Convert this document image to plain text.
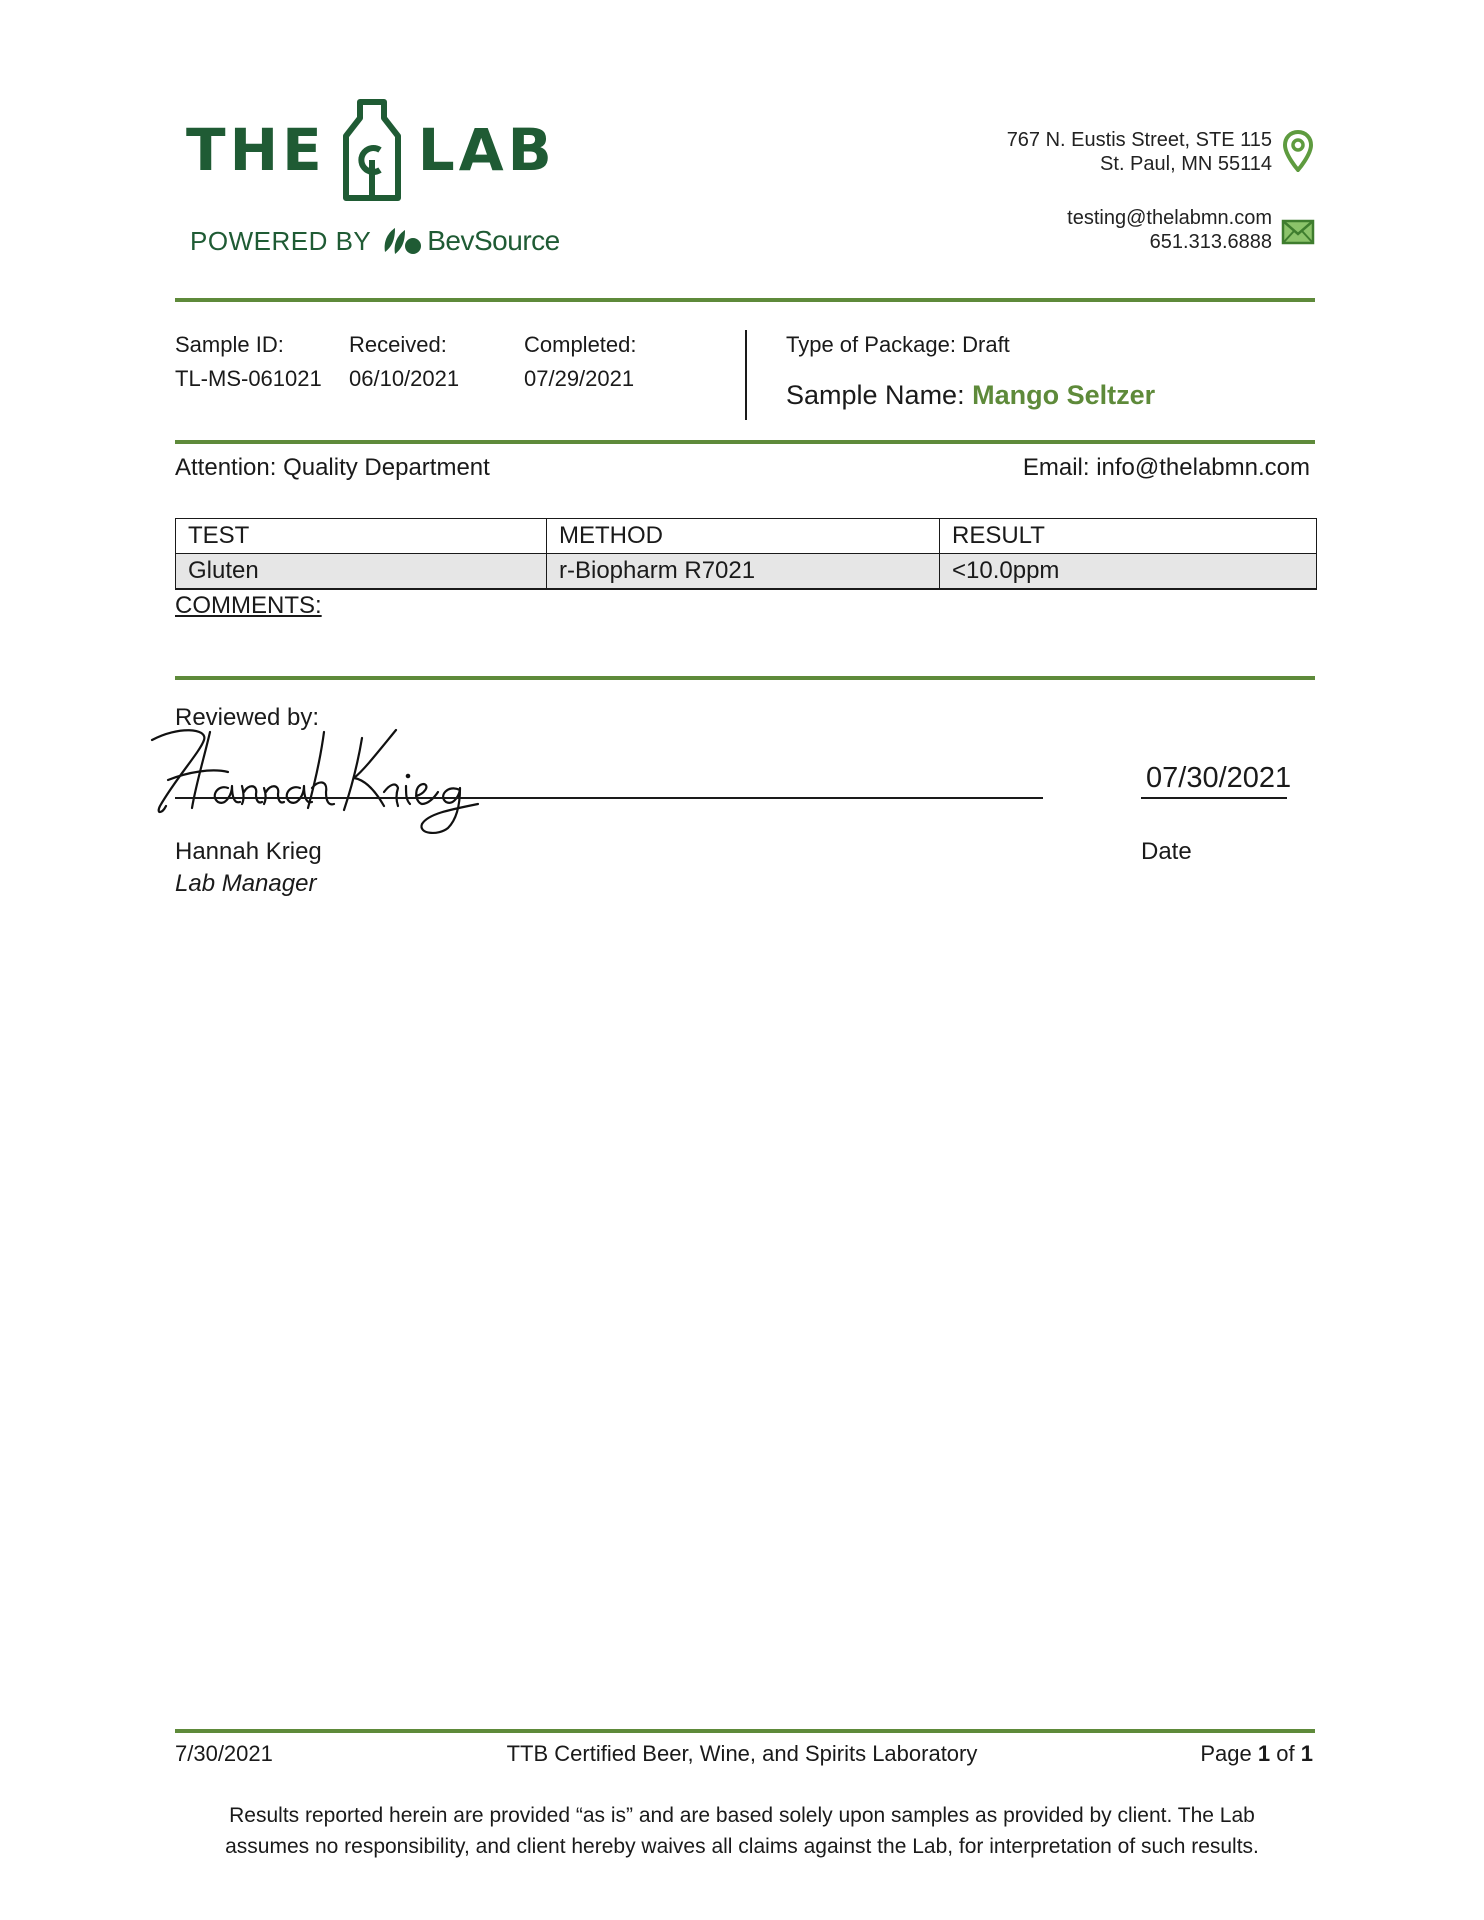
THE LAB
POWERED BY BevSource
767 N. Eustis Street, STE 115
St. Paul, MN 55114
testing@thelabmn.com
651.313.6888
Sample ID:
TL-MS-061021
Received:
06/10/2021
Completed:
07/29/2021
Type of Package: Draft
Sample Name: Mango Seltzer
Attention: Quality Department	Email: info@thelabmn.com
TEST	METHOD	RESULT
Gluten	r-Biopharm R7021	<10.0ppm
COMMENTS:
Reviewed by:
07/30/2021
Hannah Krieg
Lab Manager
Date
7/30/2021	TTB Certified Beer, Wine, and Spirits Laboratory	Page 1 of 1
Results reported herein are provided “as is” and are based solely upon samples as provided by client. The Lab
assumes no responsibility, and client hereby waives all claims against the Lab, for interpretation of such results.
